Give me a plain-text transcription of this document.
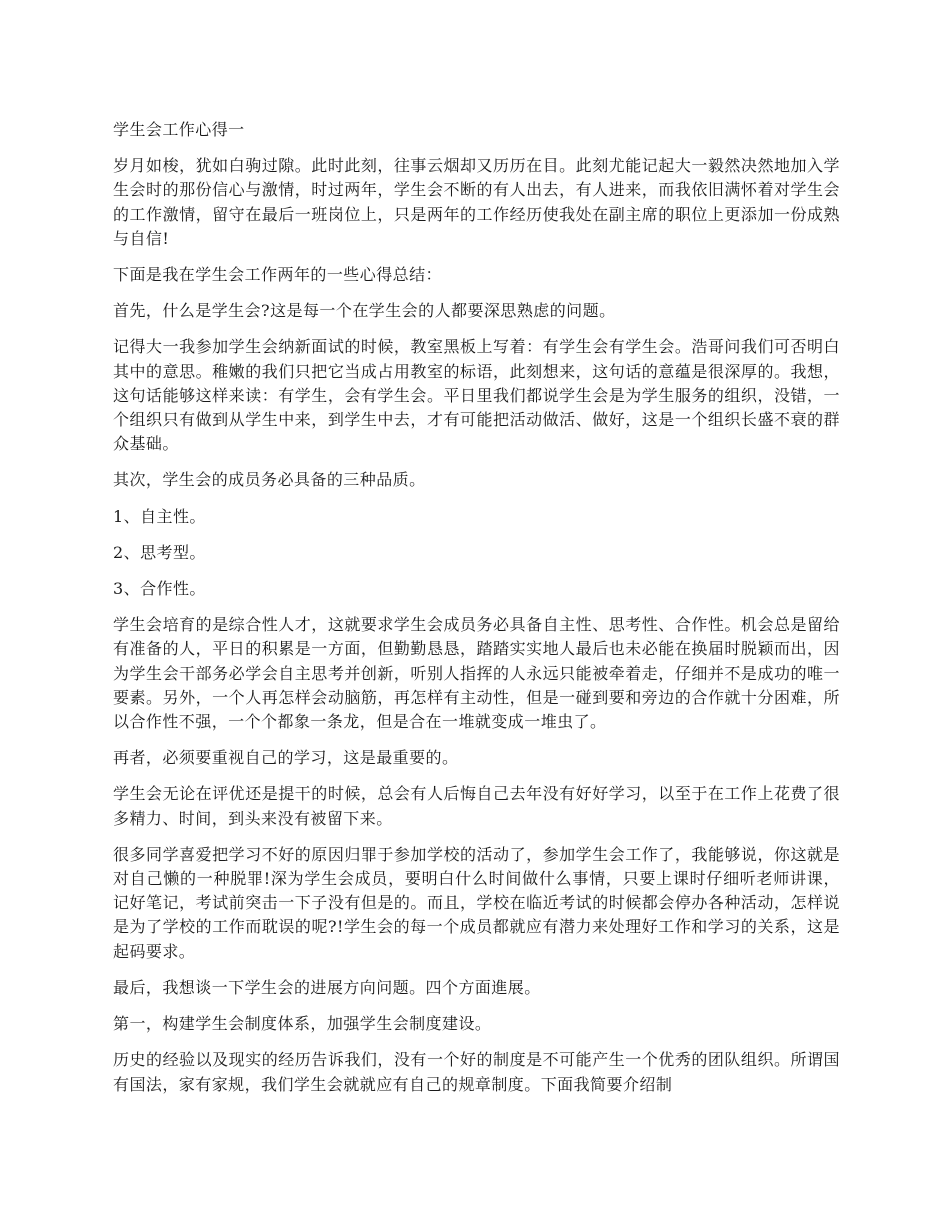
学生会工作心得一

岁月如梭，犹如白驹过隙。此时此刻，往事云烟却又历历在目。此刻尤能记起大一毅然决然地加入学生会时的那份信心与激情，时过两年，学生会不断的有人出去，有人进来，而我依旧满怀着对学生会的工作激情，留守在最后一班岗位上，只是两年的工作经历使我处在副主席的职位上更添加一份成熟与自信!

下面是我在学生会工作两年的一些心得总结：

首先，什么是学生会?这是每一个在学生会的人都要深思熟虑的问题。

记得大一我参加学生会纳新面试的时候，教室黑板上写着：有学生会有学生会。浩哥问我们可否明白其中的意思。稚嫩的我们只把它当成占用教室的标语，此刻想来，这句话的意蕴是很深厚的。我想，这句话能够这样来读：有学生，会有学生会。平日里我们都说学生会是为学生服务的组织，没错，一个组织只有做到从学生中来，到学生中去，才有可能把活动做活、做好，这是一个组织长盛不衰的群众基础。

其次，学生会的成员务必具备的三种品质。

1、自主性。

2、思考型。

3、合作性。

学生会培育的是综合性人才，这就要求学生会成员务必具备自主性、思考性、合作性。机会总是留给有准备的人，平日的积累是一方面，但勤勤恳恳，踏踏实实地人最后也未必能在换届时脱颖而出，因为学生会干部务必学会自主思考并创新，听别人指挥的人永远只能被牵着走，仔细并不是成功的唯一要素。另外，一个人再怎样会动脑筋，再怎样有主动性，但是一碰到要和旁边的合作就十分困难，所以合作性不强，一个个都象一条龙，但是合在一堆就变成一堆虫了。

再者，必须要重视自己的学习，这是最重要的。

学生会无论在评优还是提干的时候，总会有人后悔自己去年没有好好学习，以至于在工作上花费了很多精力、时间，到头来没有被留下来。

很多同学喜爱把学习不好的原因归罪于参加学校的活动了，参加学生会工作了，我能够说，你这就是对自己懒的一种脱罪!深为学生会成员，要明白什么时间做什么事情，只要上课时仔细听老师讲课，记好笔记，考试前突击一下子没有但是的。而且，学校在临近考试的时候都会停办各种活动，怎样说是为了学校的工作而耽误的呢?!学生会的每一个成员都就应有潜力来处理好工作和学习的关系，这是起码要求。

最后，我想谈一下学生会的进展方向问题。四个方面進展。

第一，构建学生会制度体系，加强学生会制度建设。

历史的经验以及现实的经历告诉我们，没有一个好的制度是不可能产生一个优秀的团队组织。所谓国有国法，家有家规，我们学生会就就应有自己的规章制度。下面我简要介绍制
